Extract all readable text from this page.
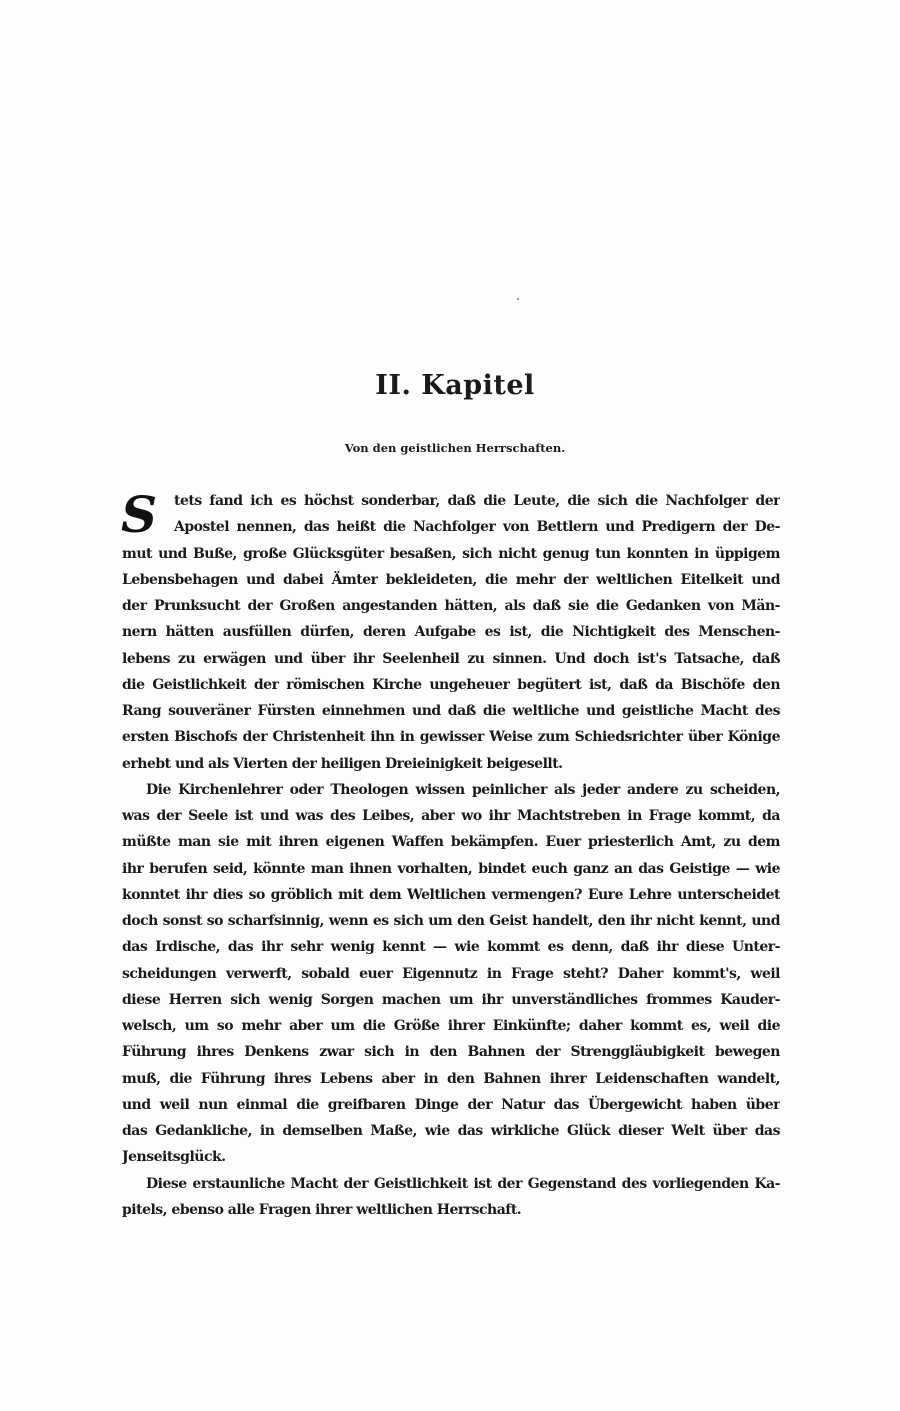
II. Kapitel
Von den geistlichen Herrschaften.
S	tets fand ich es höchst sonderbar, daß die Leute, die sich die Nachfolger der
Apostel nennen, das heißt die Nachfolger von Bettlern und Predigern der De-
mut und Buße, große Glücksgüter besaßen, sich nicht genug tun konnten in üppigem
Lebensbehagen und dabei Ämter bekleideten, die mehr der weltlichen Eitelkeit und
der Prunksucht der Großen angestanden hätten, als daß sie die Gedanken von Män-
nern hätten ausfüllen dürfen, deren Aufgabe es ist, die Nichtigkeit des Menschen-
lebens zu erwägen und über ihr Seelenheil zu sinnen. Und doch ist's Tatsache, daß
die Geistlichkeit der römischen Kirche ungeheuer begütert ist, daß da Bischöfe den
Rang souveräner Fürsten einnehmen und daß die weltliche und geistliche Macht des
ersten Bischofs der Christenheit ihn in gewisser Weise zum Schiedsrichter über Könige
erhebt und als Vierten der heiligen Dreieinigkeit beigesellt.
Die Kirchenlehrer oder Theologen wissen peinlicher als jeder andere zu scheiden,
was der Seele ist und was des Leibes, aber wo ihr Machtstreben in Frage kommt, da
müßte man sie mit ihren eigenen Waffen bekämpfen. Euer priesterlich Amt, zu dem
ihr berufen seid, könnte man ihnen vorhalten, bindet euch ganz an das Geistige — wie
konntet ihr dies so gröblich mit dem Weltlichen vermengen? Eure Lehre unterscheidet
doch sonst so scharfsinnig, wenn es sich um den Geist handelt, den ihr nicht kennt, und
das Irdische, das ihr sehr wenig kennt — wie kommt es denn, daß ihr diese Unter-
scheidungen verwerft, sobald euer Eigennutz in Frage steht? Daher kommt's, weil
diese Herren sich wenig Sorgen machen um ihr unverständliches frommes Kauder-
welsch, um so mehr aber um die Größe ihrer Einkünfte; daher kommt es, weil die
Führung ihres Denkens zwar sich in den Bahnen der Strenggläubigkeit bewegen
muß, die Führung ihres Lebens aber in den Bahnen ihrer Leidenschaften wandelt,
und weil nun einmal die greifbaren Dinge der Natur das Übergewicht haben über
das Gedankliche, in demselben Maße, wie das wirkliche Glück dieser Welt über das
Jenseitsglück.
Diese erstaunliche Macht der Geistlichkeit ist der Gegenstand des vorliegenden Ka-
pitels, ebenso alle Fragen ihrer weltlichen Herrschaft.
